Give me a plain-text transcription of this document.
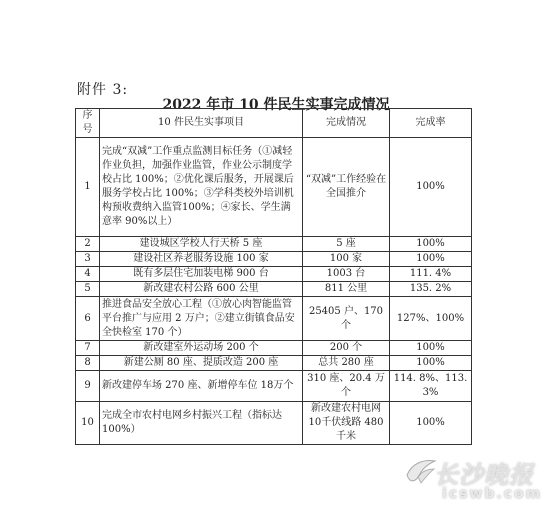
附件 3:
2022 年市 10 件民生实事完成情况
序号	10 件民生实事项目	完成情况	完成率
1	完成“双减”工作重点监测目标任务（①减轻作业负担，加强作业监管，作业公示制度学校占比 100%；②优化课后服务，开展课后服务学校占比 100%；③学科类校外培训机构预收费纳入监管100%；④家长、学生满意率 90%以上）	“双减”工作经验在全国推介	100%
2	建设城区学校人行天桥 5 座	5 座	100%
3	建设社区养老服务设施 100 家	100 家	100%
4	既有多层住宅加装电梯 900 台	1003 台	111. 4%
5	新改建农村公路 600 公里	811 公里	135. 2%
6	推进食品安全放心工程（①放心肉智能监管平台推广与应用 2 万户；②建立街镇食品安全快检室 170 个）	25405 户、170 个	127%、100%
7	新改建室外运动场 200 个	200 个	100%
8	新建公厕 80 座、提质改造 200 座	总共 280 座	100%
9	新改建停车场 270 座、新增停车位 18万个	310 座、20.4 万个	114. 8%、113. 3%
10	完成全市农村电网乡村振兴工程（指标达 100%）	新改建农村电网 10千伏线路 480 千米	100%
长沙晚报
icswb.com
